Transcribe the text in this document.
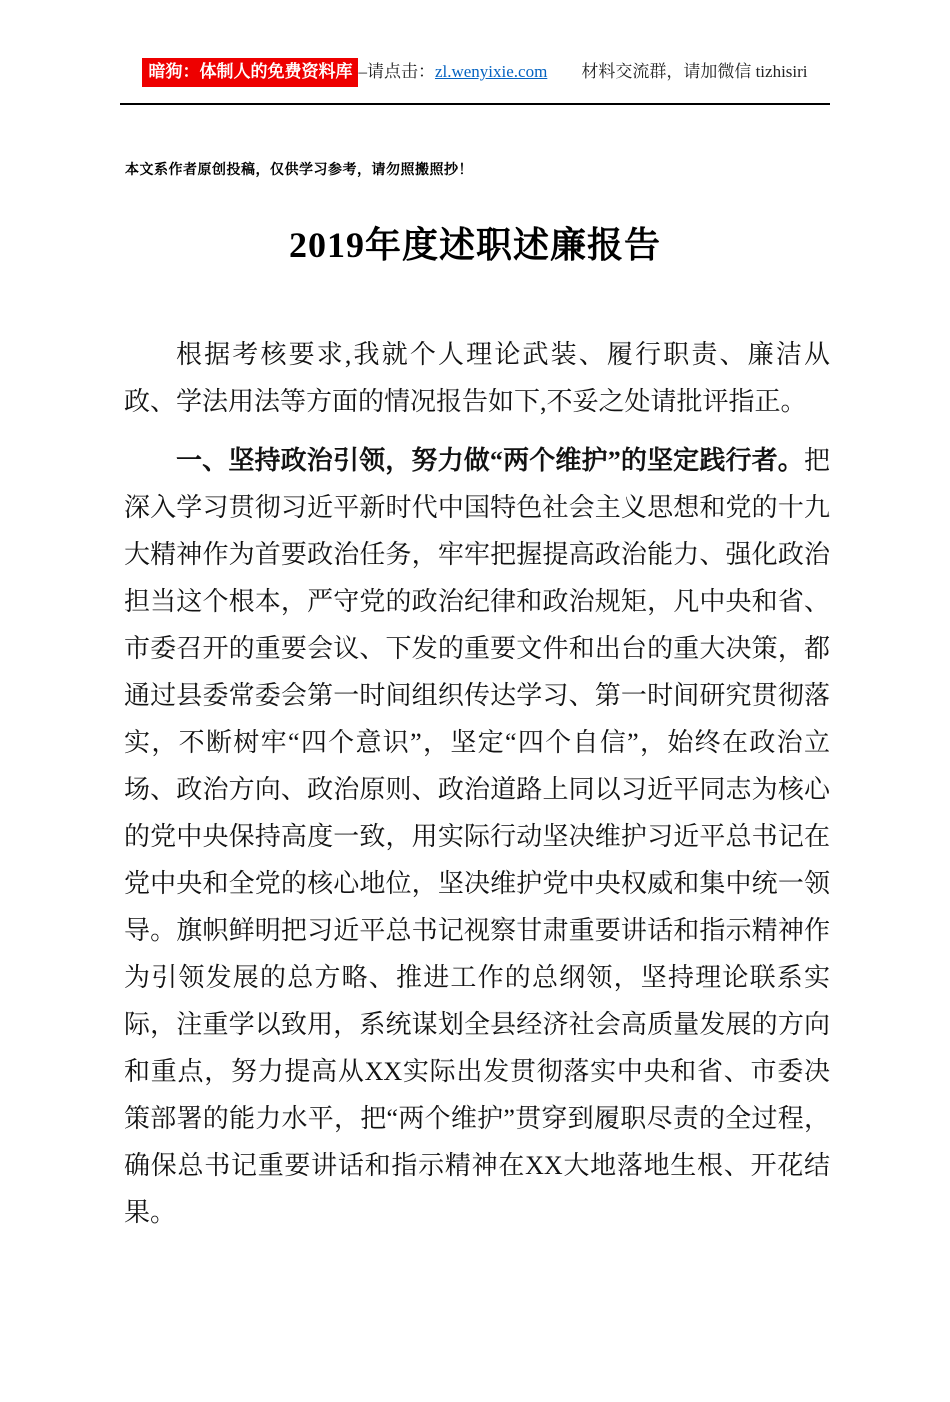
暗狗：体制人的免费资料库 –请点击：zl.wenyixie.com 材料交流群，请加微信 tizhisiri
本文系作者原创投稿，仅供学习参考，请勿照搬照抄！
2019年度述职述廉报告

根据考核要求,我就个人理论武装、履行职责、廉洁从政、学法用法等方面的情况报告如下,不妥之处请批评指正。

一、坚持政治引领，努力做“两个维护”的坚定践行者。把深入学习贯彻习近平新时代中国特色社会主义思想和党的十九大精神作为首要政治任务，牢牢把握提高政治能力、强化政治担当这个根本，严守党的政治纪律和政治规矩，凡中央和省、市委召开的重要会议、下发的重要文件和出台的重大决策，都通过县委常委会第一时间组织传达学习、第一时间研究贯彻落实，不断树牢“四个意识”，坚定“四个自信”，始终在政治立场、政治方向、政治原则、政治道路上同以习近平同志为核心的党中央保持高度一致，用实际行动坚决维护习近平总书记在党中央和全党的核心地位，坚决维护党中央权威和集中统一领导。旗帜鲜明把习近平总书记视察甘肃重要讲话和指示精神作为引领发展的总方略、推进工作的总纲领，坚持理论联系实际，注重学以致用，系统谋划全县经济社会高质量发展的方向和重点，努力提高从XX实际出发贯彻落实中央和省、市委决策部署的能力水平，把“两个维护”贯穿到履职尽责的全过程，确保总书记重要讲话和指示精神在XX大地落地生根、开花结果。
